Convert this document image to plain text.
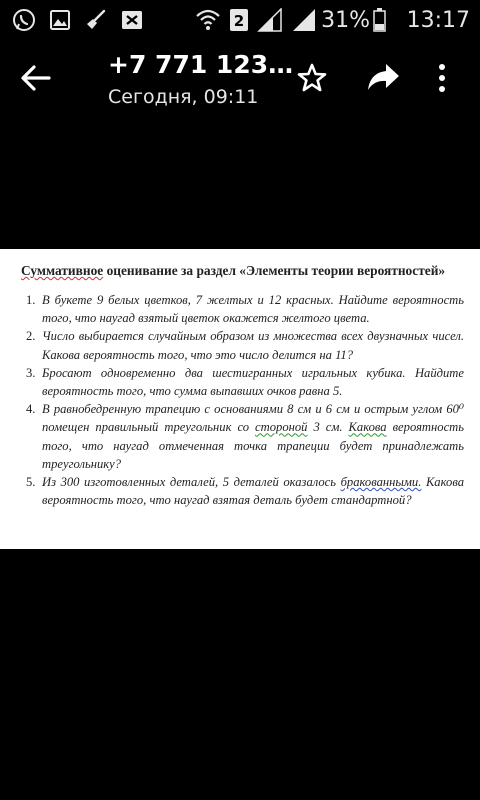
2	31% 13:17
+7 771 123…
Сегодня, 09:11
Суммативное оценивание за раздел «Элементы теории вероятностей»
1. В букете 9 белых цветков, 7 желтых и 12 красных. Найдите вероятность того, что наугад взятый цветок окажется желтого цвета.
2. Число выбирается случайным образом из множества всех двузначных чисел. Какова вероятность того, что это число делится на 11?
3. Бросают одновременно два шестигранных игральных кубика. Найдите вероятность того, что сумма выпавших очков равна 5.
4. В равнобедренную трапецию с основаниями 8 см и 6 см и острым углом 60⁰ помещен правильный треугольник со стороной 3 см. Какова вероятность того, что наугад отмеченная точка трапеции будет принадлежать треугольнику?
5. Из 300 изготовленных деталей, 5 деталей оказалось бракованными. Какова вероятность того, что наугад взятая деталь будет стандартной?
